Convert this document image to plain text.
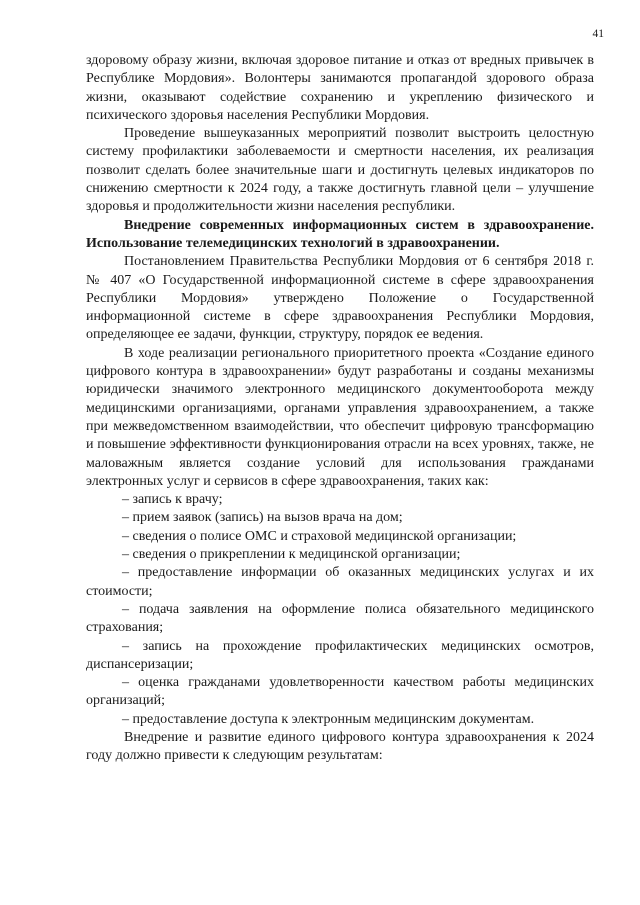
41

здоровому образу жизни, включая здоровое питание и отказ от вредных привычек в Республике Мордовия». Волонтеры занимаются пропагандой здорового образа жизни, оказывают содействие сохранению и укреплению физического и психического здоровья населения Республики Мордовия.

Проведение вышеуказанных мероприятий позволит выстроить целостную систему профилактики заболеваемости и смертности населения, их реализация позволит сделать более значительные шаги и достигнуть целевых индикаторов по снижению смертности к 2024 году, а также достигнуть главной цели – улучшение здоровья и продолжительности жизни населения республики.

Внедрение современных информационных систем в здравоохранение. Использование телемедицинских технологий в здравоохранении.

Постановлением Правительства Республики Мордовия от 6 сентября 2018 г. № 407 «О Государственной информационной системе в сфере здравоохранения Республики Мордовия» утверждено Положение о Государственной информационной системе в сфере здравоохранения Республики Мордовия, определяющее ее задачи, функции, структуру, порядок ее ведения.

В ходе реализации регионального приоритетного проекта «Создание единого цифрового контура в здравоохранении» будут разработаны и созданы механизмы юридически значимого электронного медицинского документооборота между медицинскими организациями, органами управления здравоохранением, а также при межведомственном взаимодействии, что обеспечит цифровую трансформацию и повышение эффективности функционирования отрасли на всех уровнях, также, не маловажным является создание условий для использования гражданами электронных услуг и сервисов в сфере здравоохранения, таких как:

– запись к врачу;

– прием заявок (запись) на вызов врача на дом;

– сведения о полисе ОМС и страховой медицинской организации;

– сведения о прикреплении к медицинской организации;

– предоставление информации об оказанных медицинских услугах и их стоимости;

– подача заявления на оформление полиса обязательного медицинского страхования;

– запись на прохождение профилактических медицинских осмотров, диспансеризации;

– оценка гражданами удовлетворенности качеством работы медицинских организаций;

– предоставление доступа к электронным медицинским документам.

Внедрение и развитие единого цифрового контура здравоохранения к 2024 году должно привести к следующим результатам:
